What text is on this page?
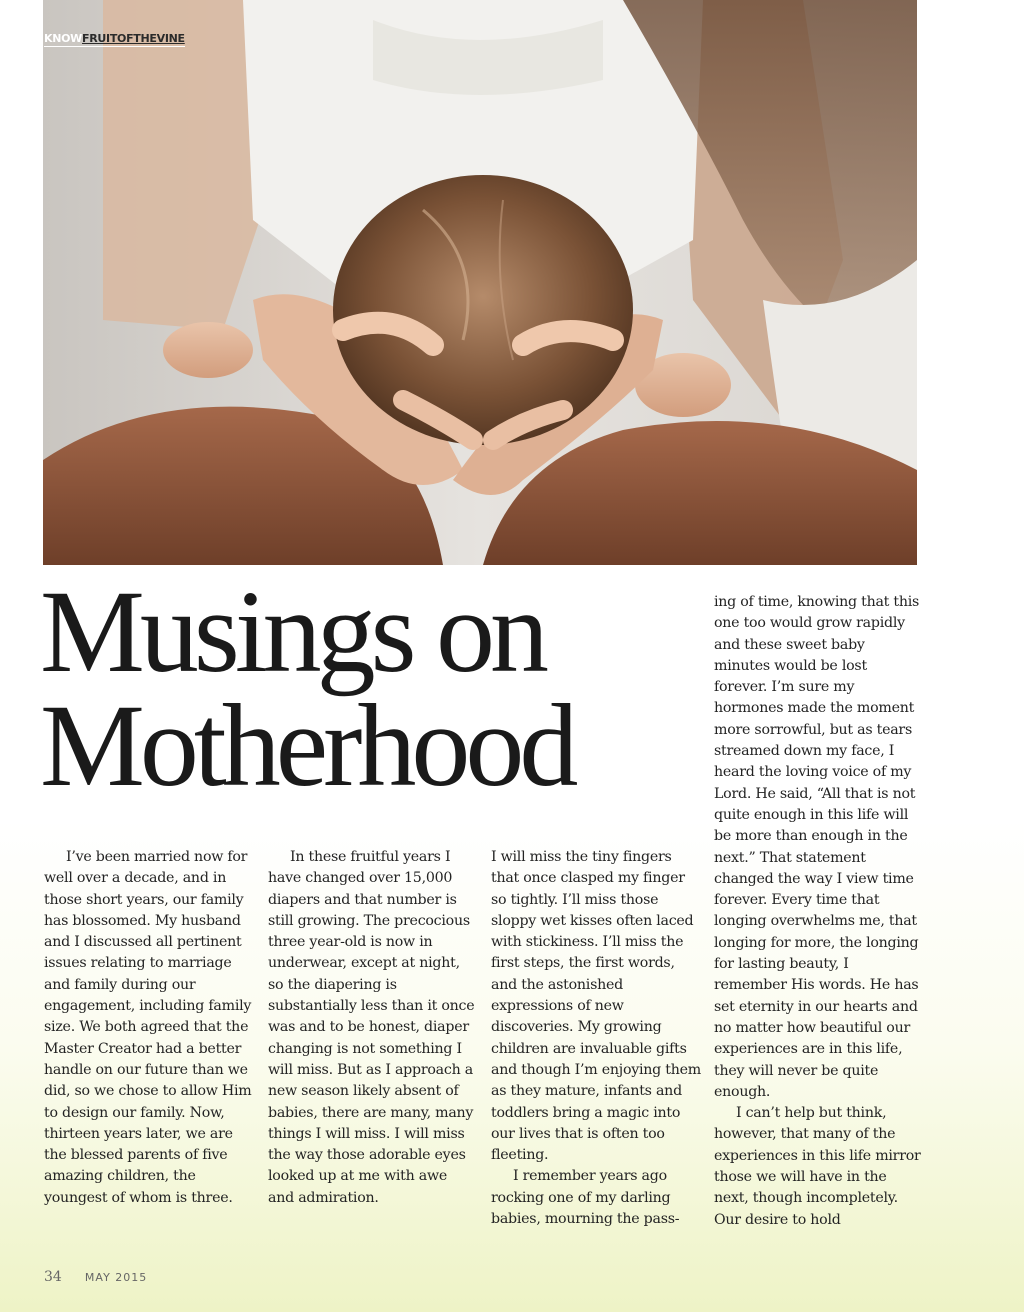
KNOWFRUITOFTHEVINE
Musings on
Motherhood

I’ve been married now for well over a decade, and in those short years, our family has blossomed. My husband and I discussed all pertinent issues relating to marriage and family during our engagement, including family size. We both agreed that the Master Creator had a better handle on our future than we did, so we chose to allow Him to design our family. Now, thirteen years later, we are the blessed parents of five amazing children, the youngest of whom is three.

In these fruitful years I have changed over 15,000 diapers and that number is still growing. The precocious three year-old is now in underwear, except at night, so the diapering is substantially less than it once was and to be honest, diaper changing is not something I will miss. But as I approach a new season likely absent of babies, there are many, many things I will miss. I will miss the way those adorable eyes looked up at me with awe and admiration.

I will miss the tiny fingers that once clasped my finger so tightly. I’ll miss those sloppy wet kisses often laced with stickiness. I’ll miss the first steps, the first words, and the astonished expressions of new discoveries. My growing children are invaluable gifts and though I’m enjoying them as they mature, infants and toddlers bring a magic into our lives that is often too fleeting.

I remember years ago rocking one of my darling babies, mourning the pass-

ing of time, knowing that this one too would grow rapidly and these sweet baby minutes would be lost forever. I’m sure my hormones made the moment more sorrowful, but as tears streamed down my face, I heard the loving voice of my Lord. He said, “All that is not quite enough in this life will be more than enough in the next.” That statement changed the way I view time forever. Every time that longing overwhelms me, that longing for more, the longing for lasting beauty, I remember His words. He has set eternity in our hearts and no matter how beautiful our experiences are in this life, they will never be quite enough.

I can’t help but think, however, that many of the experiences in this life mirror those we will have in the next, though incompletely. Our desire to hold

34 MAY 2015
